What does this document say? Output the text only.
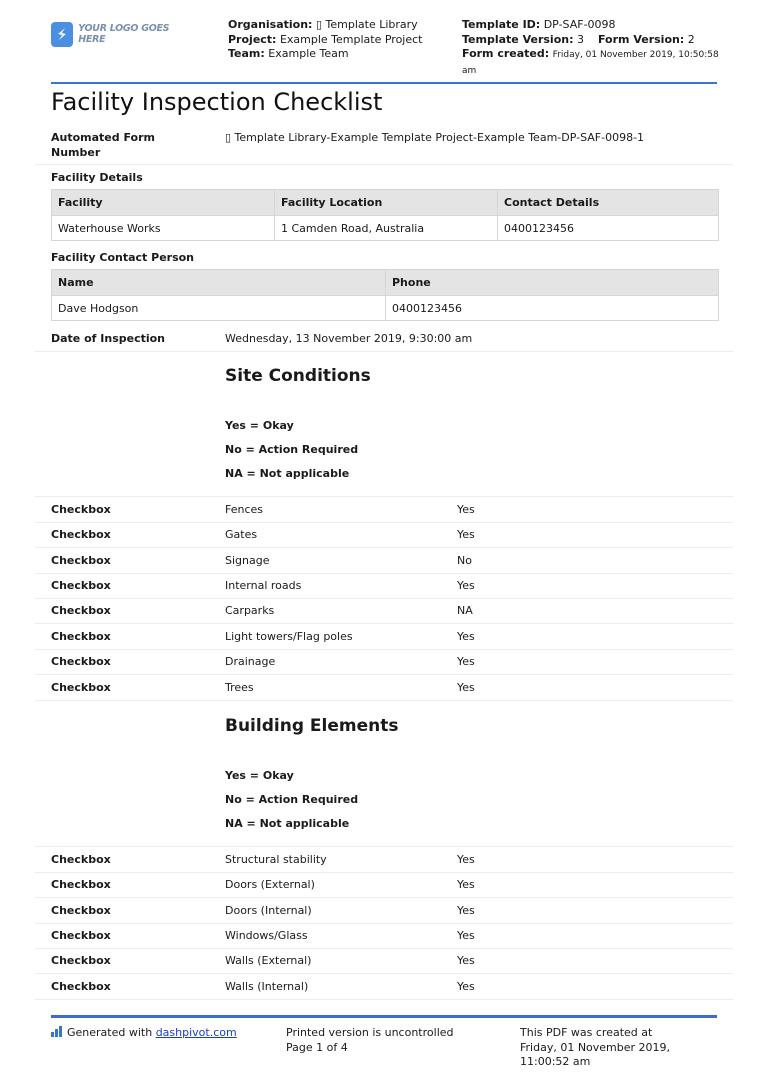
YOUR LOGO GOES HERE
Organisation: ▯ Template Library
Project: Example Template Project
Team: Example Team
Template ID: DP-SAF-0098
Template Version: 3 Form Version: 2
Form created: Friday, 01 November 2019, 10:50:58 am
Facility Inspection Checklist
Automated Form Number
▯ Template Library-Example Template Project-Example Team-DP-SAF-0098-1
Facility Details
Facility	Facility Location	Contact Details
Waterhouse Works	1 Camden Road, Australia	0400123456
Facility Contact Person
Name	Phone
Dave Hodgson	0400123456
Date of Inspection	Wednesday, 13 November 2019, 9:30:00 am
Site Conditions
Yes = Okay
No = Action Required
NA = Not applicable
Checkbox	Fences	Yes
Checkbox	Gates	Yes
Checkbox	Signage	No
Checkbox	Internal roads	Yes
Checkbox	Carparks	NA
Checkbox	Light towers/Flag poles	Yes
Checkbox	Drainage	Yes
Checkbox	Trees	Yes
Building Elements
Yes = Okay
No = Action Required
NA = Not applicable
Checkbox	Structural stability	Yes
Checkbox	Doors (External)	Yes
Checkbox	Doors (Internal)	Yes
Checkbox	Windows/Glass	Yes
Checkbox	Walls (External)	Yes
Checkbox	Walls (Internal)	Yes
Generated with dashpivot.com	Printed version is uncontrolled
Page 1 of 4
This PDF was created at
Friday, 01 November 2019, 11:00:52 am
